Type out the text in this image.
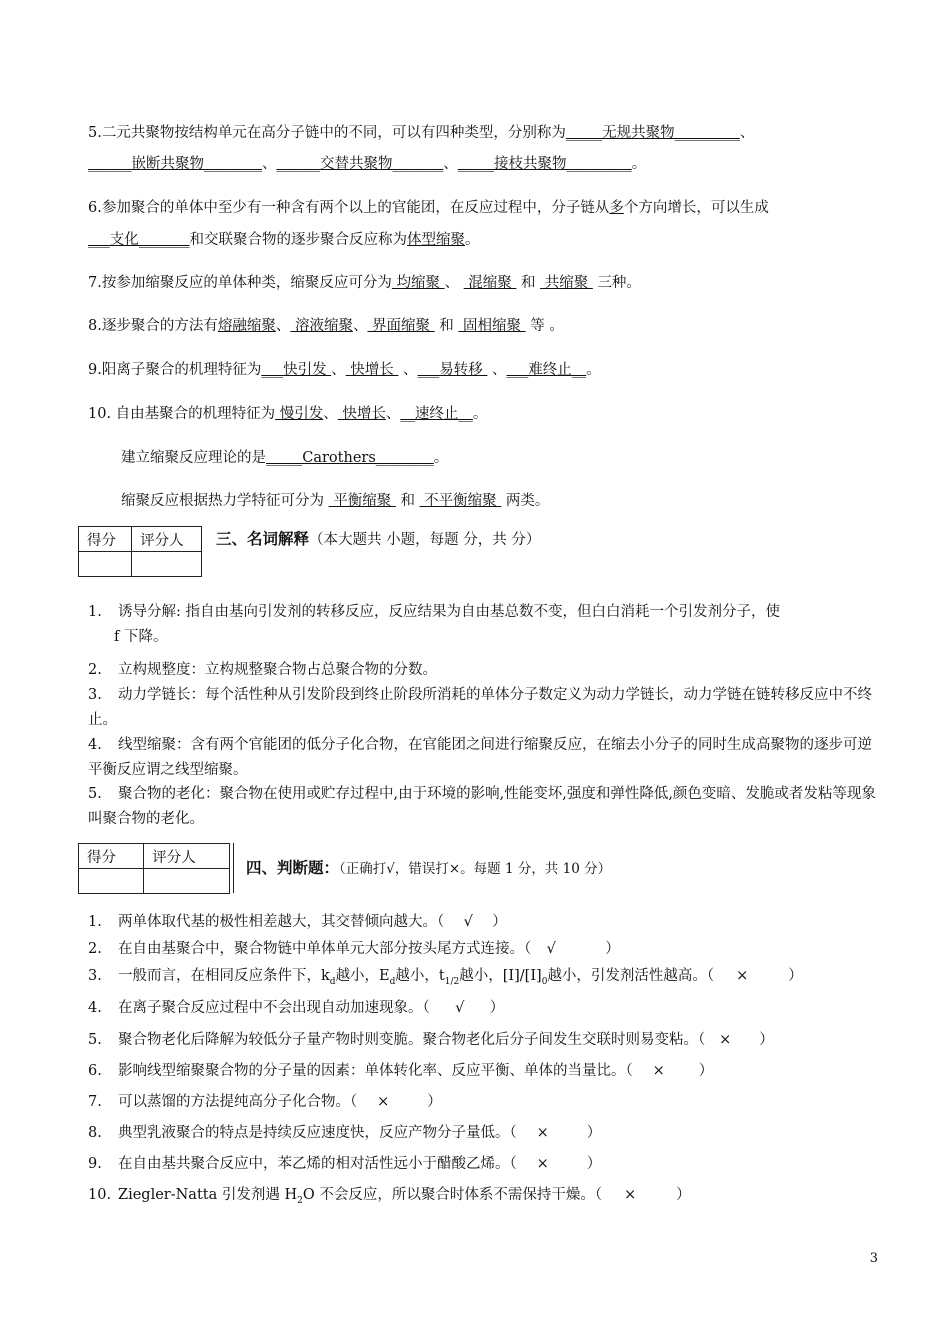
5.二元共聚物按结构单元在高分子链中的不同，可以有四种类型，分别称为_____无规共聚物_________、
______嵌断共聚物________、______交替共聚物_______、_____接枝共聚物_________。
6.参加聚合的单体中至少有一种含有两个以上的官能团，在反应过程中，分子链从多个方向增长，可以生成
___支化_______和交联聚合物的逐步聚合反应称为体型缩聚。
7.按参加缩聚反应的单体种类，缩聚反应可分为 均缩聚 、  混缩聚  和  共缩聚  三种。
8.逐步聚合的方法有熔融缩聚、 溶液缩聚、 界面缩聚  和  固相缩聚  等 。
9.阳离子聚合的机理特征为___快引发 、 快增长  、___易转移  、___难终止__。
10. 自由基聚合的机理特征为 慢引发、 快增长、__速终止__。
建立缩聚反应理论的是_____Carothers________。
缩聚反应根据热力学特征可分为  平衡缩聚  和  不平衡缩聚  两类。
得分	评分人
	三、名词解释（本大题共 小题，每题 分，共 分）
1. 诱导分解: 指自由基向引发剂的转移反应，反应结果为自由基总数不变，但白白消耗一个引发剂分子，使
f 下降。
2. 立构规整度：立构规整聚合物占总聚合物的分数。
3. 动力学链长：每个活性种从引发阶段到终止阶段所消耗的单体分子数定义为动力学链长，动力学链在链转移反应中不终止。
4. 线型缩聚：含有两个官能团的低分子化合物，在官能团之间进行缩聚反应，在缩去小分子的同时生成高聚物的逐步可逆平衡反应谓之线型缩聚。
5. 聚合物的老化：聚合物在使用或贮存过程中,由于环境的影响,性能变坏,强度和弹性降低,颜色变暗、发脆或者发粘等现象叫聚合物的老化。
得分	评分人

四、判断题：（正确打√，错误打×。每题 1 分，共 10 分）
1. 两单体取代基的极性相差越大，其交替倾向越大。（ √ ）
2. 在自由基聚合中，聚合物链中单体单元大部分按头尾方式连接。（ √	）
3. 一般而言，在相同反应条件下，$k_d$越小，$E_d$越小，$t_{1/2}$越小，$[I]/[I]_0$越小，引发剂活性越高。（ ×	）
4. 在离子聚合反应过程中不会出现自动加速现象。（ √ ）
5. 聚合物老化后降解为较低分子量产物时则变脆。聚合物老化后分子间发生交联时则易变粘。（ × ）
6. 影响线型缩聚聚合物的分子量的因素：单体转化率、反应平衡、单体的当量比。（ × ）
7. 可以蒸馏的方法提纯高分子化合物。（ ×	）
8. 典型乳液聚合的特点是持续反应速度快，反应产物分子量低。（ ×	）
9. 在自由基共聚合反应中，苯乙烯的相对活性远小于醋酸乙烯。（ ×	）
10. Ziegler-Natta 引发剂遇 $H_2O$ 不会反应，所以聚合时体系不需保持干燥。（ ×	）
3
